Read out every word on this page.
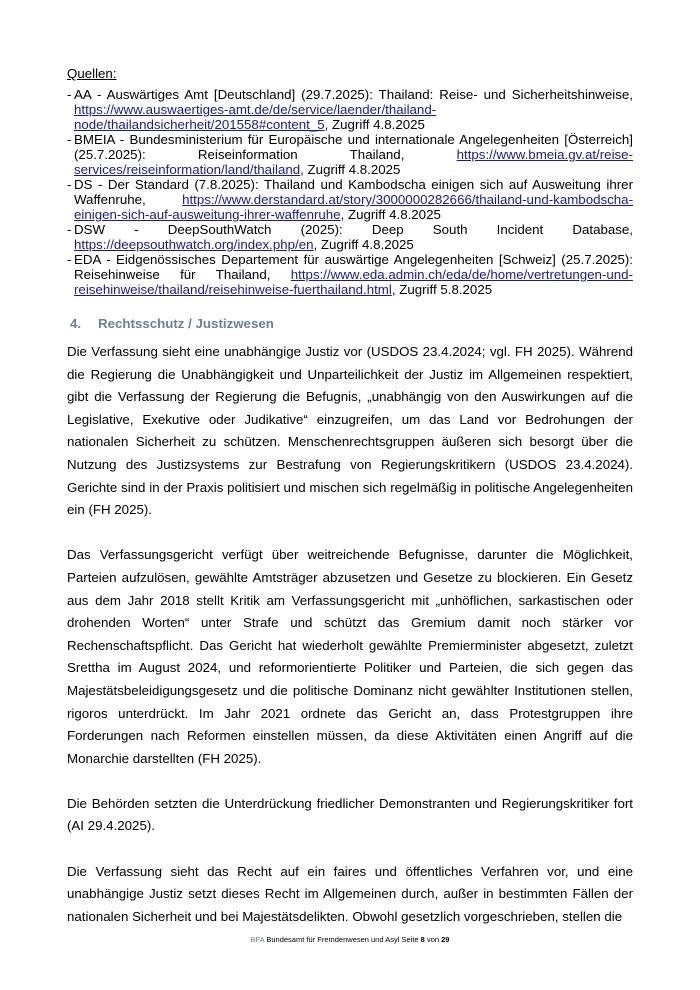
Quellen:

- AA - Auswärtiges Amt [Deutschland] (29.7.2025): Thailand: Reise- und Sicherheitshinweise, https://www.auswaertiges-amt.de/de/service/laender/thailand-node/thailandsicherheit/201558#content_5, Zugriff 4.8.2025

- BMEIA - Bundesministerium für Europäische und internationale Angelegenheiten [Österreich] (25.7.2025): Reiseinformation Thailand,	https://www.bmeia.gv.at/reise-services/reiseinformation/land/thailand, Zugriff 4.8.2025

- DS - Der Standard (7.8.2025): Thailand und Kambodscha einigen sich auf Ausweitung ihrer Waffenruhe,	https://www.derstandard.at/story/3000000282666/thailand-und-kambodscha-einigen-sich-auf-ausweitung-ihrer-waffenruhe, Zugriff 4.8.2025

- DSW - DeepSouthWatch (2025): Deep South Incident Database, https://deepsouthwatch.org/index.php/en, Zugriff 4.8.2025

- EDA - Eidgenössisches Departement für auswärtige Angelegenheiten [Schweiz] (25.7.2025): Reisehinweise für Thailand, https://www.eda.admin.ch/eda/de/home/vertretungen-und-reisehinweise/thailand/reisehinweise-fuerthailand.html, Zugriff 5.8.2025

4. Rechtsschutz / Justizwesen

Die Verfassung sieht eine unabhängige Justiz vor (USDOS 23.4.2024; vgl. FH 2025). Während die Regierung die Unabhängigkeit und Unparteilichkeit der Justiz im Allgemeinen respektiert, gibt die Verfassung der Regierung die Befugnis, „unabhängig von den Auswirkungen auf die Legislative, Exekutive oder Judikative“ einzugreifen, um das Land vor Bedrohungen der nationalen Sicherheit zu schützen. Menschenrechtsgruppen äußeren sich besorgt über die Nutzung des Justizsystems zur Bestrafung von Regierungskritikern (USDOS 23.4.2024). Gerichte sind in der Praxis politisiert und mischen sich regelmäßig in politische Angelegenheiten ein (FH 2025).

Das Verfassungsgericht verfügt über weitreichende Befugnisse, darunter die Möglichkeit, Parteien aufzulösen, gewählte Amtsträger abzusetzen und Gesetze zu blockieren. Ein Gesetz aus dem Jahr 2018 stellt Kritik am Verfassungsgericht mit „unhöflichen, sarkastischen oder drohenden Worten“ unter Strafe und schützt das Gremium damit noch stärker vor Rechenschaftspflicht. Das Gericht hat wiederholt gewählte Premierminister abgesetzt, zuletzt Srettha im August 2024, und reformorientierte Politiker und Parteien, die sich gegen das Majestätsbeleidigungsgesetz und die politische Dominanz nicht gewählter Institutionen stellen, rigoros unterdrückt. Im Jahr 2021 ordnete das Gericht an, dass Protestgruppen ihre Forderungen nach Reformen einstellen müssen, da diese Aktivitäten einen Angriff auf die Monarchie darstellten (FH 2025).

Die Behörden setzten die Unterdrückung friedlicher Demonstranten und Regierungskritiker fort (AI 29.4.2025).

Die Verfassung sieht das Recht auf ein faires und öffentliches Verfahren vor, und eine unabhängige Justiz setzt dieses Recht im Allgemeinen durch, außer in bestimmten Fällen der nationalen Sicherheit und bei Majestätsdelikten. Obwohl gesetzlich vorgeschrieben, stellen die

BFA Bundesamt für Fremdenwesen und Asyl Seite 8 von 29
